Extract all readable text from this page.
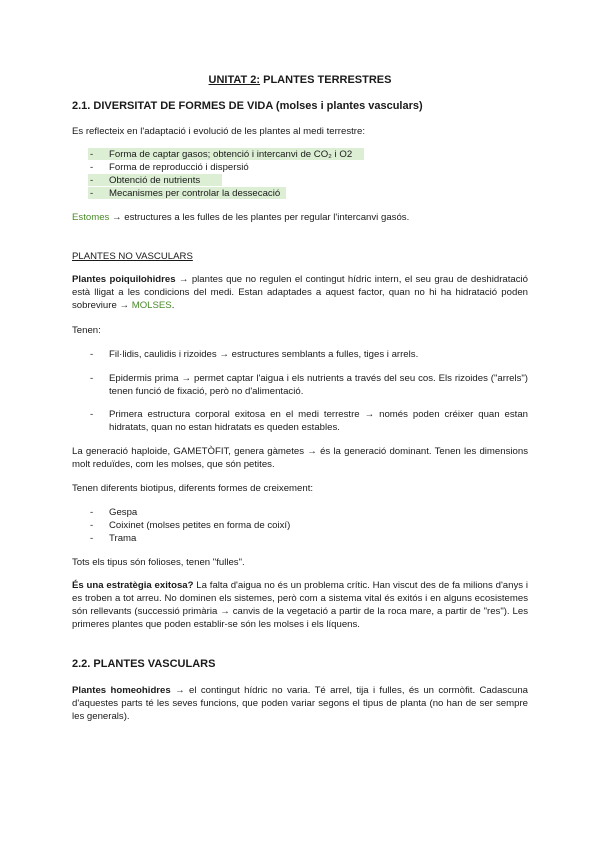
UNITAT 2: PLANTES TERRESTRES
2.1. DIVERSITAT DE FORMES DE VIDA (molses i plantes vasculars)
Es reflecteix en l'adaptació i evolució de les plantes al medi terrestre:
- Forma de captar gasos; obtenció i intercanvi de CO₂ i O2
- Forma de reproducció i dispersió
- Obtenció de nutrients
- Mecanismes per controlar la dessecació
Estomes → estructures a les fulles de les plantes per regular l'intercanvi gasós.
PLANTES NO VASCULARS
Plantes poiquilohidres → plantes que no regulen el contingut hídric intern, el seu grau de deshidratació està lligat a les condicions del medi. Estan adaptades a aquest factor, quan no hi ha hidratació poden sobreviure → MOLSES.
Tenen:
- Fil·lidis, caulidis i rizoides → estructures semblants a fulles, tiges i arrels.
- Epidermis prima → permet captar l'aigua i els nutrients a través del seu cos. Els rizoides ("arrels") tenen funció de fixació, però no d'alimentació.
- Primera estructura corporal exitosa en el medi terrestre → només poden créixer quan estan hidratats, quan no estan hidratats es queden estables.
La generació haploide, GAMETÒFIT, genera gàmetes → és la generació dominant. Tenen les dimensions molt reduïdes, com les molses, que són petites.
Tenen diferents biotipus, diferents formes de creixement:
- Gespa
- Coixinet (molses petites en forma de coixí)
- Trama
Tots els tipus són folioses, tenen "fulles".
És una estratègia exitosa? La falta d'aigua no és un problema crític. Han viscut des de fa milions d'anys i es troben a tot arreu. No dominen els sistemes, però com a sistema vital és exitós i en alguns ecosistemes són rellevants (successió primària → canvis de la vegetació a partir de la roca mare, a partir de "res"). Les primeres plantes que poden establir-se són les molses i els líquens.
2.2. PLANTES VASCULARS
Plantes homeohidres → el contingut hídric no varia. Té arrel, tija i fulles, és un cormòfit. Cadascuna d'aquestes parts té les seves funcions, que poden variar segons el tipus de planta (no han de ser sempre les generals).
